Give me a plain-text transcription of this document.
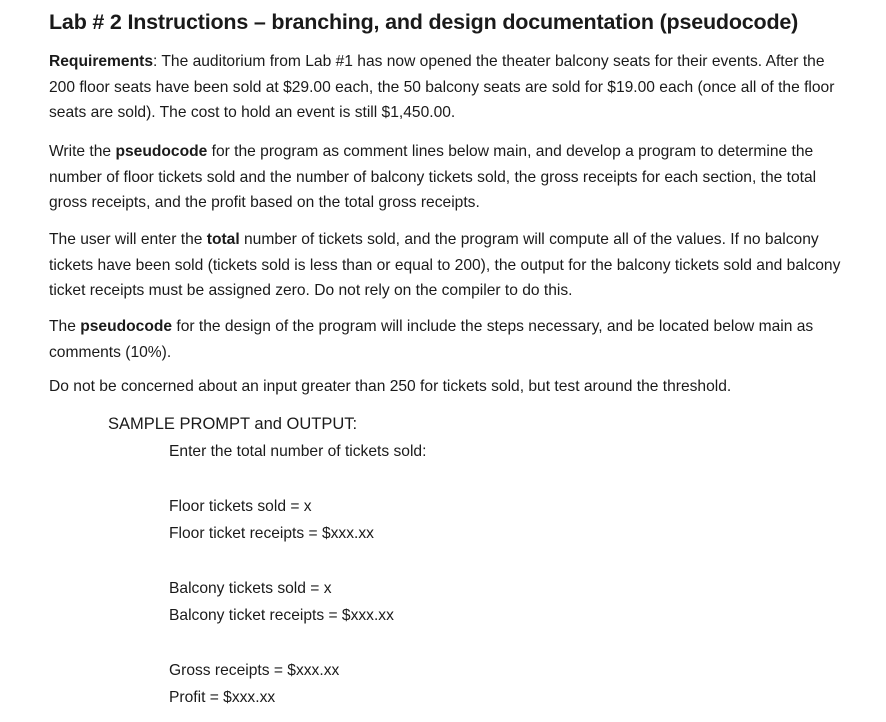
Lab # 2 Instructions – branching, and design documentation (pseudocode)

Requirements: The auditorium from Lab #1 has now opened the theater balcony seats for their events. After the 200 floor seats have been sold at $29.00 each, the 50 balcony seats are sold for $19.00 each (once all of the floor seats are sold). The cost to hold an event is still $1,450.00.

Write the pseudocode for the program as comment lines below main, and develop a program to determine the number of floor tickets sold and the number of balcony tickets sold, the gross receipts for each section, the total gross receipts, and the profit based on the total gross receipts.

The user will enter the total number of tickets sold, and the program will compute all of the values. If no balcony tickets have been sold (tickets sold is less than or equal to 200), the output for the balcony tickets sold and balcony ticket receipts must be assigned zero. Do not rely on the compiler to do this.

The pseudocode for the design of the program will include the steps necessary, and be located below main as comments (10%).

Do not be concerned about an input greater than 250 for tickets sold, but test around the threshold.

SAMPLE PROMPT and OUTPUT:

Enter the total number of tickets sold:

Floor tickets sold = x

Floor ticket receipts = $xxx.xx

Balcony tickets sold = x

Balcony ticket receipts = $xxx.xx

Gross receipts = $xxx.xx

Profit = $xxx.xx
